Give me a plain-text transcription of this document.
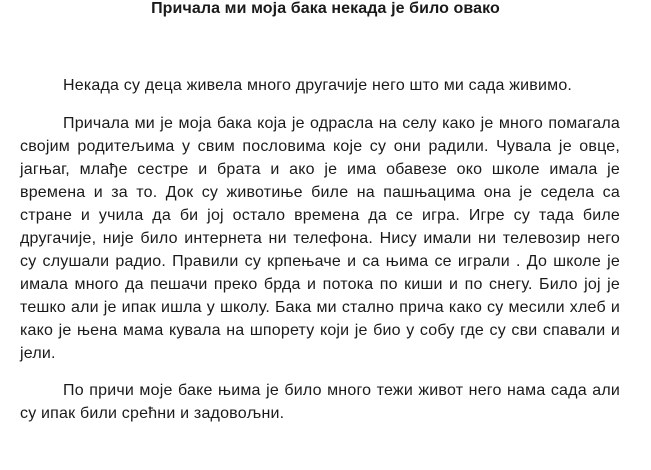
Причала ми моја бака некада је било овако

Некада су деца живела много другачије него што ми сада живимо.

Причала ми је моја бака која је одрасла на селу како је много помагала својим родитељима у свим пословима које су они радили. Чувала је овце, јагњаг, млађе сестре и брата и ако је има обавезе око школе имала је времена и за то. Док су животиње биле на пашњацима она је седела са стране и учила да би јој остало времена да се игра. Игре су тада биле другачије, није било интернета ни телефона. Нису имали ни телевозир него су слушали радио. Правили су крпењаче и са њима се играли . До школе је имала много да пешачи преко брда и потока по киши и по снегу. Било јој је тешко али је ипак ишла у школу. Бака ми стално прича како су месили хлеб и како је њена мама кувала на шпорету који је био у собу где су сви спавали и јели.

По причи моје баке њима је било много тежи живот него нама сада али су ипак били срећни и задовољни.
